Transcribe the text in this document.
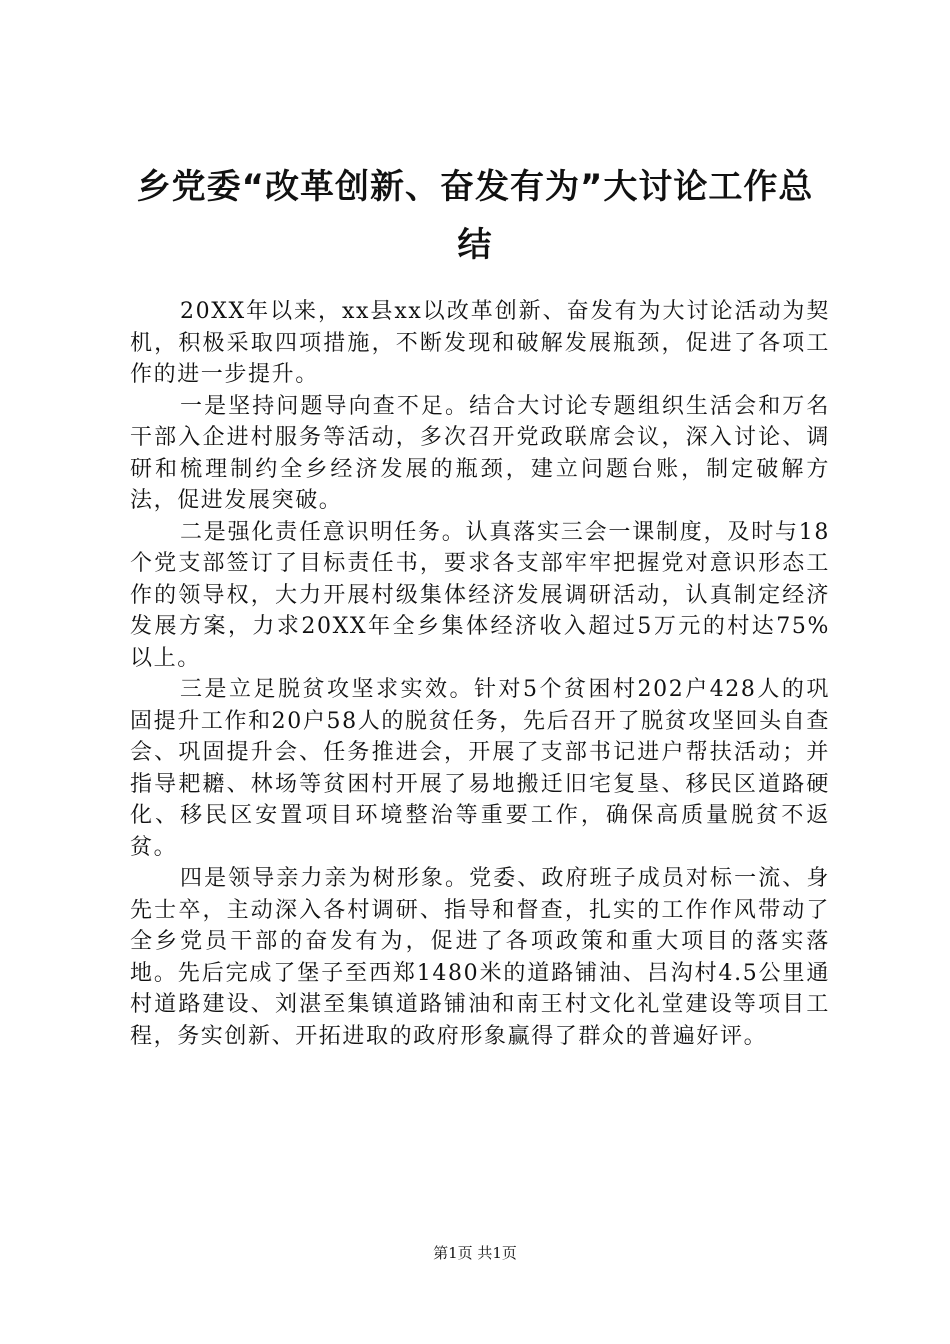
乡党委“改革创新、奋发有为”大讨论工作总结

20XX年以来，xx县xx以改革创新、奋发有为大讨论活动为契机，积极采取四项措施，不断发现和破解发展瓶颈，促进了各项工作的进一步提升。

一是坚持问题导向查不足。结合大讨论专题组织生活会和万名干部入企进村服务等活动，多次召开党政联席会议，深入讨论、调研和梳理制约全乡经济发展的瓶颈，建立问题台账，制定破解方法，促进发展突破。

二是强化责任意识明任务。认真落实三会一课制度，及时与18个党支部签订了目标责任书，要求各支部牢牢把握党对意识形态工作的领导权，大力开展村级集体经济发展调研活动，认真制定经济发展方案，力求20XX年全乡集体经济收入超过5万元的村达75%以上。

三是立足脱贫攻坚求实效。针对5个贫困村202户428人的巩固提升工作和20户58人的脱贫任务，先后召开了脱贫攻坚回头自查会、巩固提升会、任务推进会，开展了支部书记进户帮扶活动；并指导耙耱、林场等贫困村开展了易地搬迁旧宅复垦、移民区道路硬化、移民区安置项目环境整治等重要工作，确保高质量脱贫不返贫。

四是领导亲力亲为树形象。党委、政府班子成员对标一流、身先士卒，主动深入各村调研、指导和督查，扎实的工作作风带动了全乡党员干部的奋发有为，促进了各项政策和重大项目的落实落地。先后完成了堡子至西郑1480米的道路铺油、吕沟村4.5公里通村道路建设、刘湛至集镇道路铺油和南王村文化礼堂建设等项目工程，务实创新、开拓进取的政府形象赢得了群众的普遍好评。

第1页 共1页
